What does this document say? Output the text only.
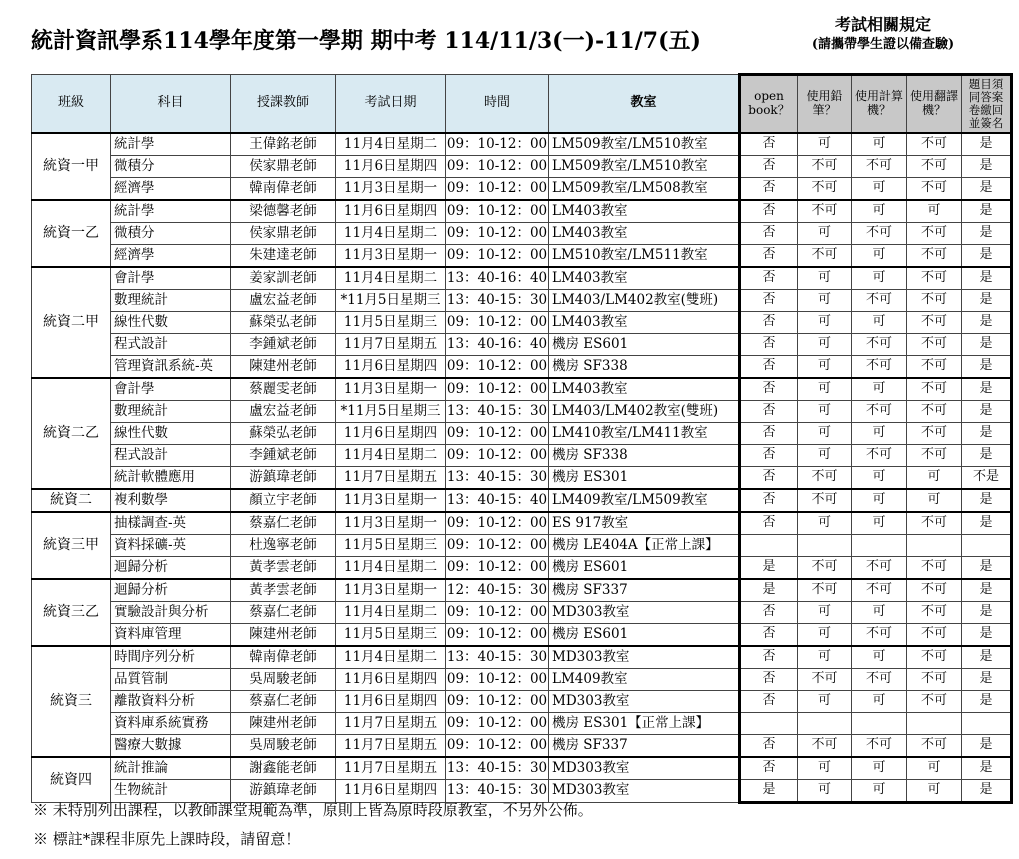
統計資訊學系114學年度第一學期 期中考 114/11/3(一)-11/7(五)
考試相關規定
(請攜帶學生證以備查驗)
班級	科目	授課教師	考試日期	時間	教室	open book？	使用鉛筆？	使用計算機？	使用翻譯機？	題目須同答案卷繳回並簽名
統資一甲	統計學	王偉銘老師	11月4日星期二	09：10-12：00	LM509教室/LM510教室	否	可	可	不可	是
	微積分	侯家鼎老師	11月6日星期四	09：10-12：00	LM509教室/LM510教室	否	不可	不可	不可	是
	經濟學	韓南偉老師	11月3日星期一	09：10-12：00	LM509教室/LM508教室	否	不可	可	不可	是
統資一乙	統計學	梁德馨老師	11月6日星期四	09：10-12：00	LM403教室	否	不可	可	可	是
	微積分	侯家鼎老師	11月4日星期二	09：10-12：00	LM403教室	否	可	不可	不可	是
	經濟學	朱建達老師	11月3日星期一	09：10-12：00	LM510教室/LM511教室	否	不可	可	不可	是
統資二甲	會計學	姜家訓老師	11月4日星期二	13：40-16：40	LM403教室	否	可	可	不可	是
	數理統計	盧宏益老師	*11月5日星期三	13：40-15：30	LM403/LM402教室(雙班)	否	可	不可	不可	是
	線性代數	蘇榮弘老師	11月5日星期三	09：10-12：00	LM403教室	否	可	可	不可	是
	程式設計	李鍾斌老師	11月7日星期五	13：40-16：40	機房 ES601	否	可	不可	不可	是
	管理資訊系統-英	陳建州老師	11月6日星期四	09：10-12：00	機房 SF338	否	可	不可	不可	是
統資二乙	會計學	蔡麗雯老師	11月3日星期一	09：10-12：00	LM403教室	否	可	可	不可	是
	數理統計	盧宏益老師	*11月5日星期三	13：40-15：30	LM403/LM402教室(雙班)	否	可	不可	不可	是
	線性代數	蘇榮弘老師	11月6日星期四	09：10-12：00	LM410教室/LM411教室	否	可	可	不可	是
	程式設計	李鍾斌老師	11月4日星期二	09：10-12：00	機房 SF338	否	可	不可	不可	是
	統計軟體應用	游鎮瑋老師	11月7日星期五	13：40-15：30	機房 ES301	否	不可	可	可	不是
統資二	複利數學	顏立宇老師	11月3日星期一	13：40-15：40	LM409教室/LM509教室	否	不可	可	可	是
統資三甲	抽樣調查-英	蔡嘉仁老師	11月3日星期一	09：10-12：00	ES 917教室	否	可	可	不可	是
	資料採礦-英	杜逸寧老師	11月5日星期三	09：10-12：00	機房 LE404A【正常上課】					
	迴歸分析	黃孝雲老師	11月4日星期二	09：10-12：00	機房 ES601	是	不可	不可	不可	是
統資三乙	迴歸分析	黃孝雲老師	11月3日星期一	12：40-15：30	機房 SF337	是	不可	不可	不可	是
	實驗設計與分析	蔡嘉仁老師	11月4日星期二	09：10-12：00	MD303教室	否	可	可	不可	是
	資料庫管理	陳建州老師	11月5日星期三	09：10-12：00	機房 ES601	否	可	不可	不可	是
統資三	時間序列分析	韓南偉老師	11月4日星期二	13：40-15：30	MD303教室	否	可	可	不可	是
	品質管制	吳周駿老師	11月6日星期四	09：10-12：00	LM409教室	否	不可	不可	不可	是
	離散資料分析	蔡嘉仁老師	11月6日星期四	09：10-12：00	MD303教室	否	可	可	不可	是
	資料庫系統實務	陳建州老師	11月7日星期五	09：10-12：00	機房 ES301【正常上課】					
	醫療大數據	吳周駿老師	11月7日星期五	09：10-12：00	機房 SF337	否	不可	不可	不可	是
統資四	統計推論	謝鑫能老師	11月7日星期五	13：40-15：30	MD303教室	否	可	可	可	是
	生物統計	游鎮瑋老師	11月6日星期四	13：40-15：30	MD303教室	是	可	可	可	是
※ 未特別列出課程，以教師課堂規範為準，原則上皆為原時段原教室，不另外公佈。
※ 標註*課程非原先上課時段，請留意！
